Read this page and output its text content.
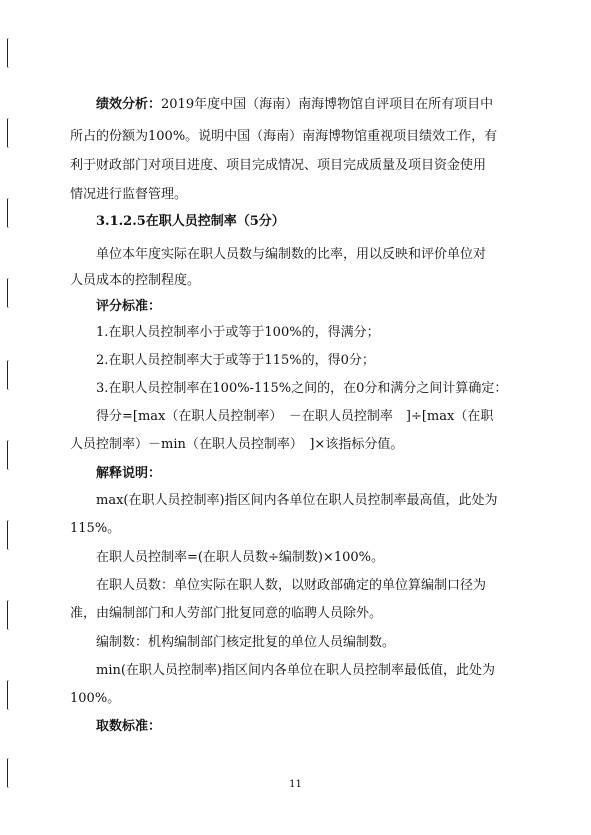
绩效分析：2019年度中国（海南）南海博物馆自评项目在所有项目中
所占的份额为100%。说明中国（海南）南海博物馆重视项目绩效工作，有
利于财政部门对项目进度、项目完成情况、项目完成质量及项目资金使用
情况进行监督管理。
3.1.2.5在职人员控制率（5分）
单位本年度实际在职人员数与编制数的比率，用以反映和评价单位对
人员成本的控制程度。
评分标准：
1.在职人员控制率小于或等于100%的，得满分；
2.在职人员控制率大于或等于115%的，得0分；
3.在职人员控制率在100%-115%之间的，在0分和满分之间计算确定：
得分=[max（在职人员控制率）　－在职人员控制率　]÷[max（在职
人员控制率）－min（在职人员控制率）　]×该指标分值。
解释说明：
max(在职人员控制率)指区间内各单位在职人员控制率最高值，此处为
115%。
在职人员控制率=(在职人员数÷编制数)×100%。
在职人员数：单位实际在职人数，以财政部确定的单位算编制口径为
准，由编制部门和人劳部门批复同意的临聘人员除外。
编制数：机构编制部门核定批复的单位人员编制数。
min(在职人员控制率)指区间内各单位在职人员控制率最低值，此处为
100%。
取数标准：
11
